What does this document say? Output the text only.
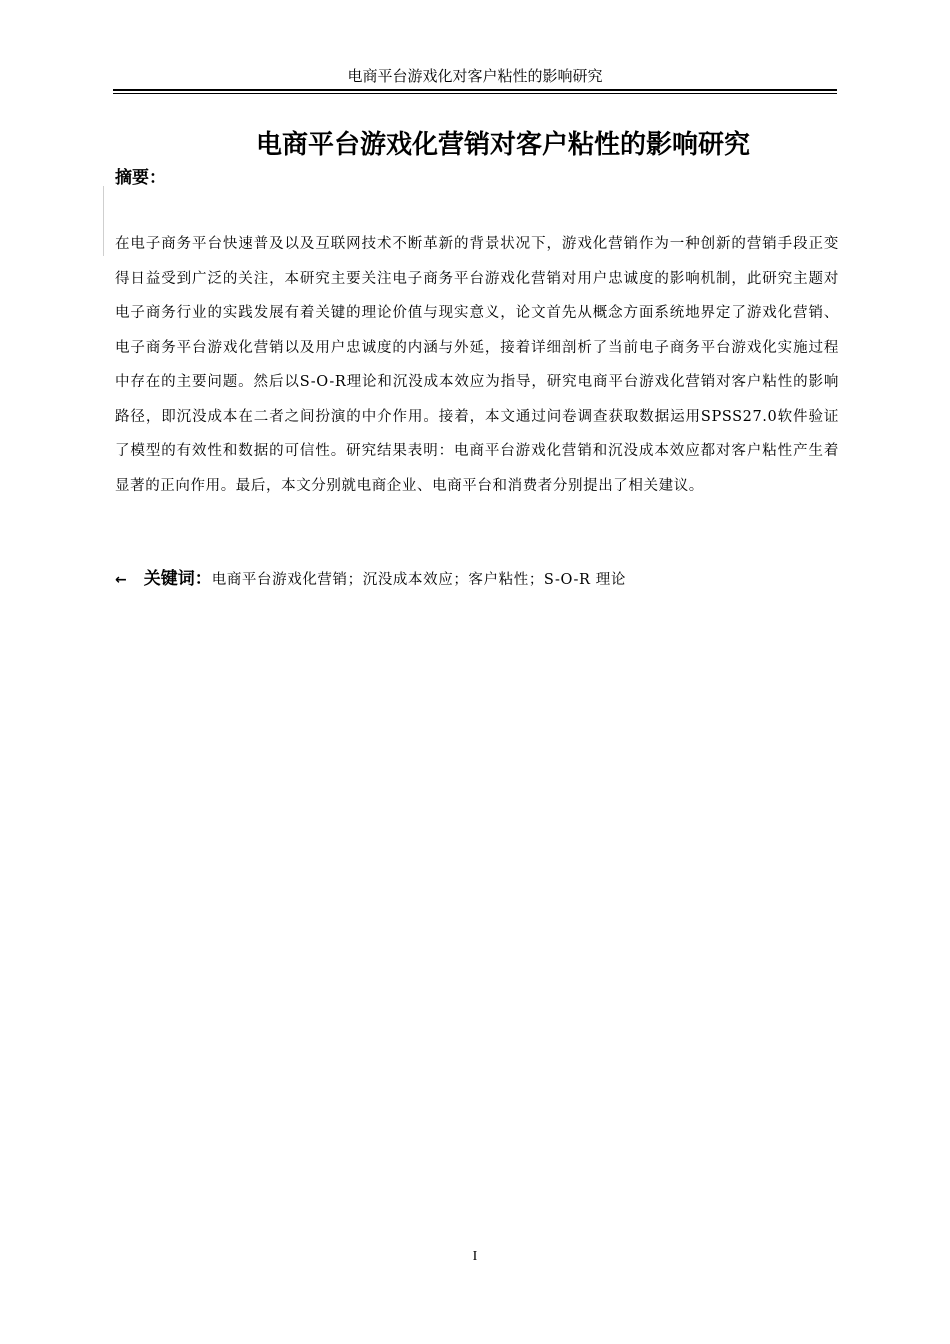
电商平台游戏化对客户粘性的影响研究
电商平台游戏化营销对客户粘性的影响研究
摘要：
在电子商务平台快速普及以及互联网技术不断革新的背景状况下，游戏化营销作为一种创新的营销手段正变得日益受到广泛的关注，本研究主要关注电子商务平台游戏化营销对用户忠诚度的影响机制，此研究主题对电子商务行业的实践发展有着关键的理论价值与现实意义，论文首先从概念方面系统地界定了游戏化营销、电子商务平台游戏化营销以及用户忠诚度的内涵与外延，接着详细剖析了当前电子商务平台游戏化实施过程中存在的主要问题。然后以S-O-R理论和沉没成本效应为指导，研究电商平台游戏化营销对客户粘性的影响路径，即沉没成本在二者之间扮演的中介作用。接着，本文通过问卷调查获取数据运用SPSS27.0软件验证了模型的有效性和数据的可信性。研究结果表明：电商平台游戏化营销和沉没成本效应都对客户粘性产生着显著的正向作用。最后，本文分别就电商企业、电商平台和消费者分别提出了相关建议。
← 关键词： 电商平台游戏化营销；沉没成本效应；客户粘性；S-O-R 理论
I
